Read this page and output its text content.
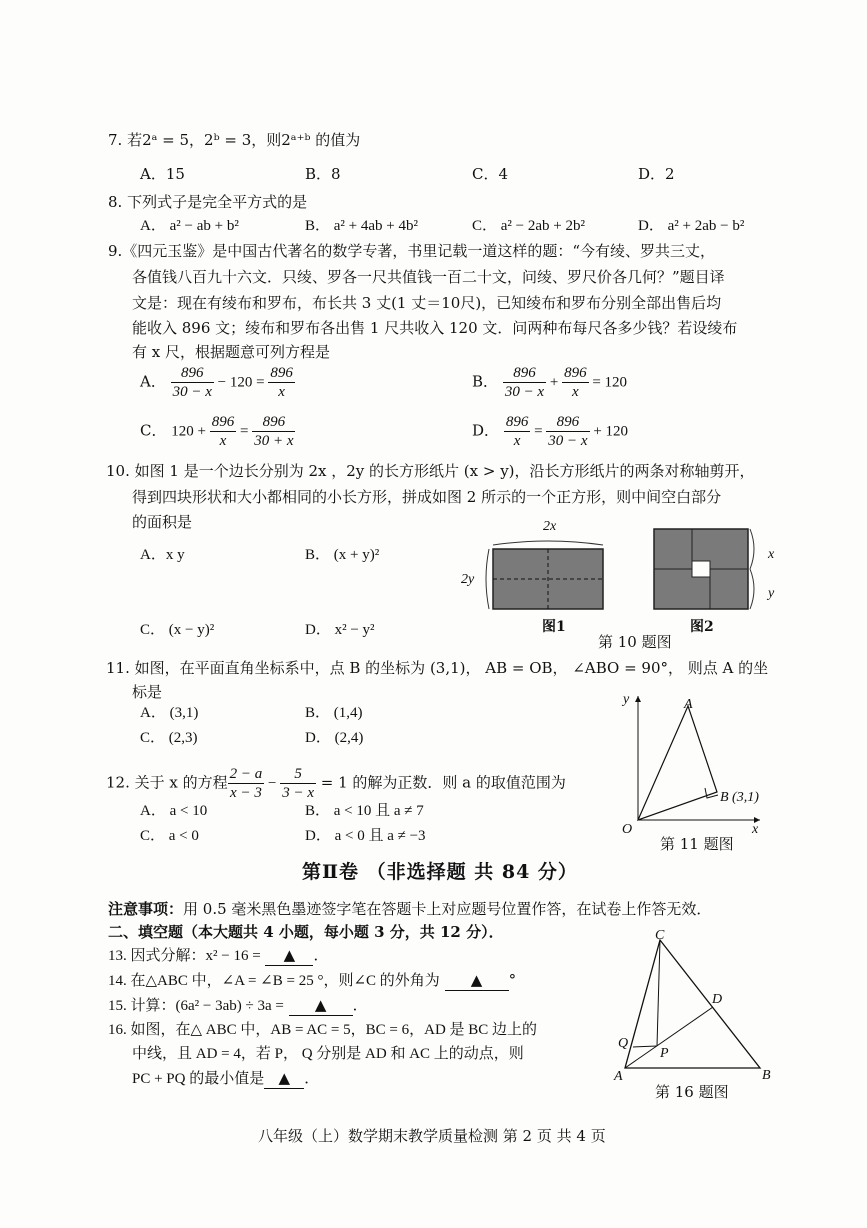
7. 若2ᵃ = 5，2ᵇ = 3，则2ᵃ⁺ᵇ 的值为
A．15	B．8	C．4	D．2
8. 下列式子是完全平方式的是
A． a² − ab + b²	B． a² + 4ab + 4b²	C． a² − 2ab + 2b²	D． a² + 2ab − b²
9.《四元玉鉴》是中国古代著名的数学专著，书里记载一道这样的题：“今有绫、罗共三丈，
各值钱八百九十六文．只绫、罗各一尺共值钱一百二十文，问绫、罗尺价各几何？”题目译
文是：现在有绫布和罗布，布长共 3 丈(1 丈＝10尺)，已知绫布和罗布分别全部出售后均
能收入 896 文；绫布和罗布各出售 1 尺共收入 120 文．问两种布每尺各多少钱？若设绫布
有 x 尺，根据题意可列方程是
A． $\frac{896}{30 - x} - 120 = \frac{896}{x}$	B． $\frac{896}{30 - x} + \frac{896}{x} = 120$
C． $120 + \frac{896}{x} = \frac{896}{30 + x}$	D． $\frac{896}{x} = \frac{896}{30 - x} + 120$
10. 如图 1 是一个边长分别为 2x ，2y 的长方形纸片 (x > y)，沿长方形纸片的两条对称轴剪开，
得到四块形状和大小都相同的小长方形，拼成如图 2 所示的一个正方形，则中间空白部分
的面积是
A．x y	B． (x + y)²
C． (x − y)²	D． x² − y²
2x
2y
图1
x
y
图2
第 10 题图
11. 如图，在平面直角坐标系中，点 B 的坐标为 (3,1)， AB = OB， ∠ABO = 90°， 则点 A 的坐
标是
A． (3,1)	B． (1,4)
C． (2,3)	D． (2,4)
y
x
O
A
B (3,1)
第 11 题图
12. 关于 x 的方程 $\frac{2 - a}{x - 3} - \frac{5}{3 - x} = 1$ 的解为正数．则 a 的取值范围为
A． a < 10	B． a < 10 且 a ≠ 7
C． a < 0	D． a < 0 且 a ≠ −3
第Ⅱ卷 （非选择题 共 84 分）
注意事项：用 0.5 毫米黑色墨迹签字笔在答题卡上对应题号位置作答，在试卷上作答无效．
二、填空题（本大题共 4 小题，每小题 3 分，共 12 分）．
13. 因式分解：x² − 16 = ▲ ．
14. 在△ABC 中，∠A = ∠B = 25 °，则∠C 的外角为 ▲ °
15. 计算：(6a² − 3ab) ÷ 3a = ▲ ．
16. 如图，在△ ABC 中，AB = AC = 5，BC = 6，AD 是 BC 边上的
中线，且 AD = 4，若 P， Q 分别是 AD 和 AC 上的动点，则
PC + PQ 的最小值是 ▲ ．
C
D
Q
P
A	B
第 16 题图
八年级（上）数学期末教学质量检测 第 2 页 共 4 页
